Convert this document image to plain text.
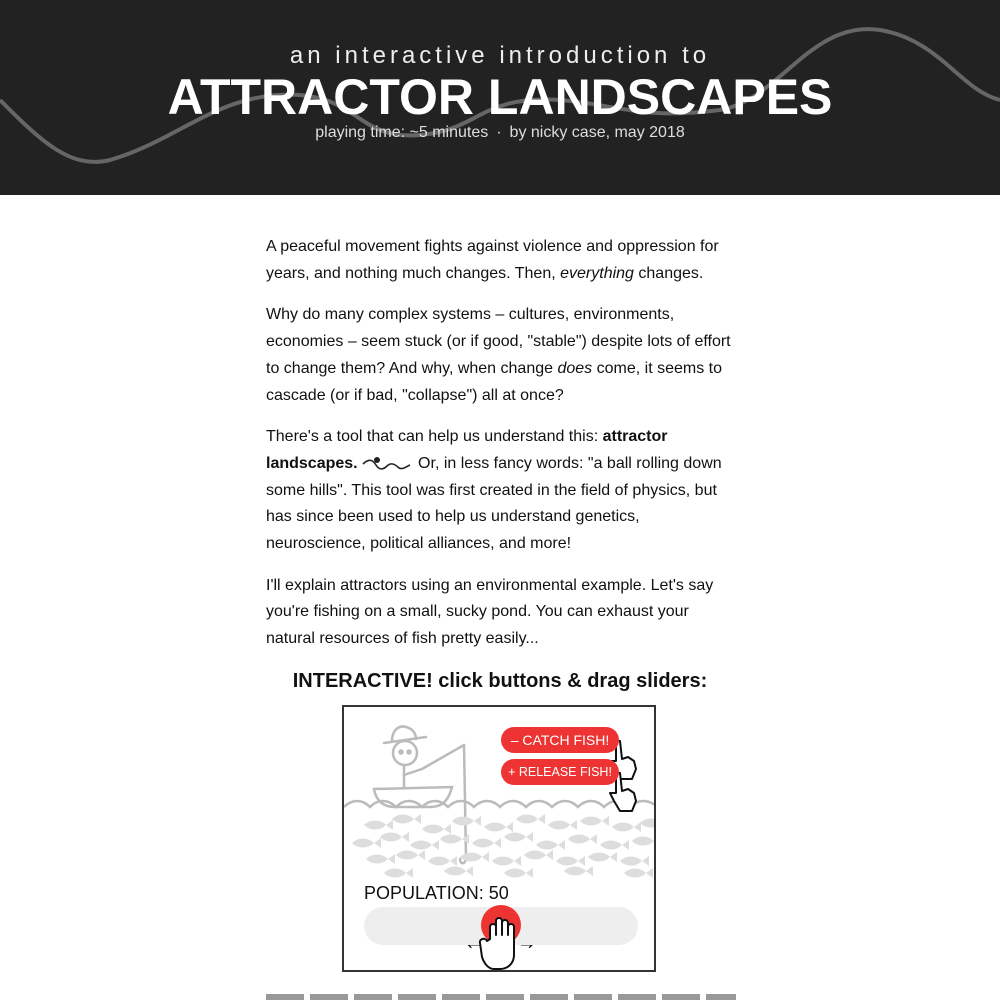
an interactive introduction to
ATTRACTOR LANDSCAPES
playing time: ~5 minutes · by nicky case, may 2018

A peaceful movement fights against violence and oppression for years, and nothing much changes. Then, everything changes.

Why do many complex systems – cultures, environments, economies – seem stuck (or if good, "stable") despite lots of effort to change them? And why, when change does come, it seems to cascade (or if bad, "collapse") all at once?

There's a tool that can help us understand this: attractor landscapes.	Or, in less fancy words: "a ball rolling down some hills". This tool was first created in the field of physics, but has since been used to help us understand genetics, neuroscience, political alliances, and more!

I'll explain attractors using an environmental example. Let's say you're fishing on a small, sucky pond. You can exhaust your natural resources of fish pretty easily...

INTERACTIVE! click buttons & drag sliders:
– CATCH FISH!
+ RELEASE FISH!
POPULATION: 50
